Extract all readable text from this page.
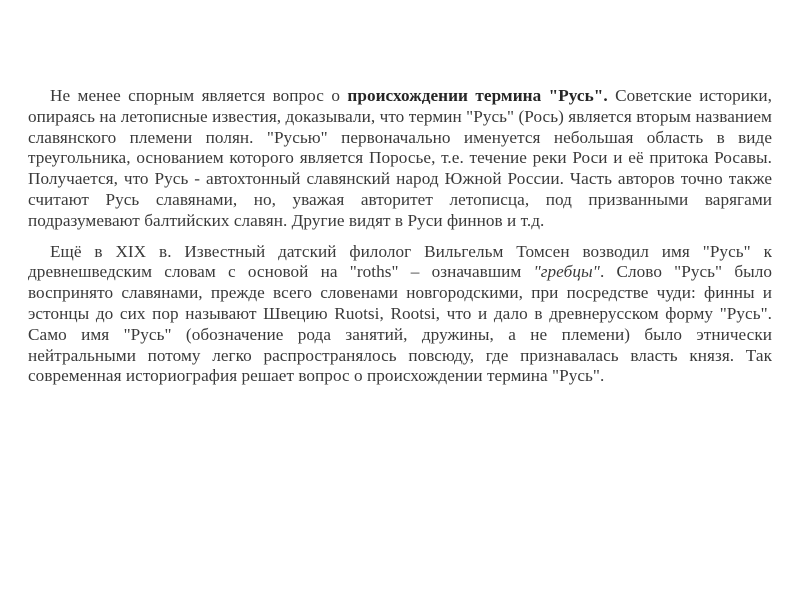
Не менее спорным является вопрос о происхождении термина "Русь". Советские историки, опираясь на летописные известия, доказывали, что термин "Русь" (Рось) является вторым названием славянского племени полян. "Русью" первоначально именуется небольшая область в виде треугольника, основанием которого является Поросье, т.е. течение реки Роси и её притока Росавы. Получается, что Русь - автохтонный славянский народ Южной России. Часть авторов точно также считают Русь славянами, но, уважая авторитет летописца, под призванными варягами подразумевают балтийских славян. Другие видят в Руси финнов и т.д.

Ещё в XIX в. Известный датский филолог Вильгельм Томсен возводил имя "Русь" к древнешведским словам с основой на "roths" – означавшим "гребцы". Слово "Русь" было воспринято славянами, прежде всего словенами новгородскими, при посредстве чуди: финны и эстонцы до сих пор называют Швецию Ruotsi, Rootsi, что и дало в древнерусском форму "Русь". Само имя "Русь" (обозначение рода занятий, дружины, а не племени) было этнически нейтральными потому легко распространялось повсюду, где признавалась власть князя. Так современная историография решает вопрос о происхождении термина "Русь".
